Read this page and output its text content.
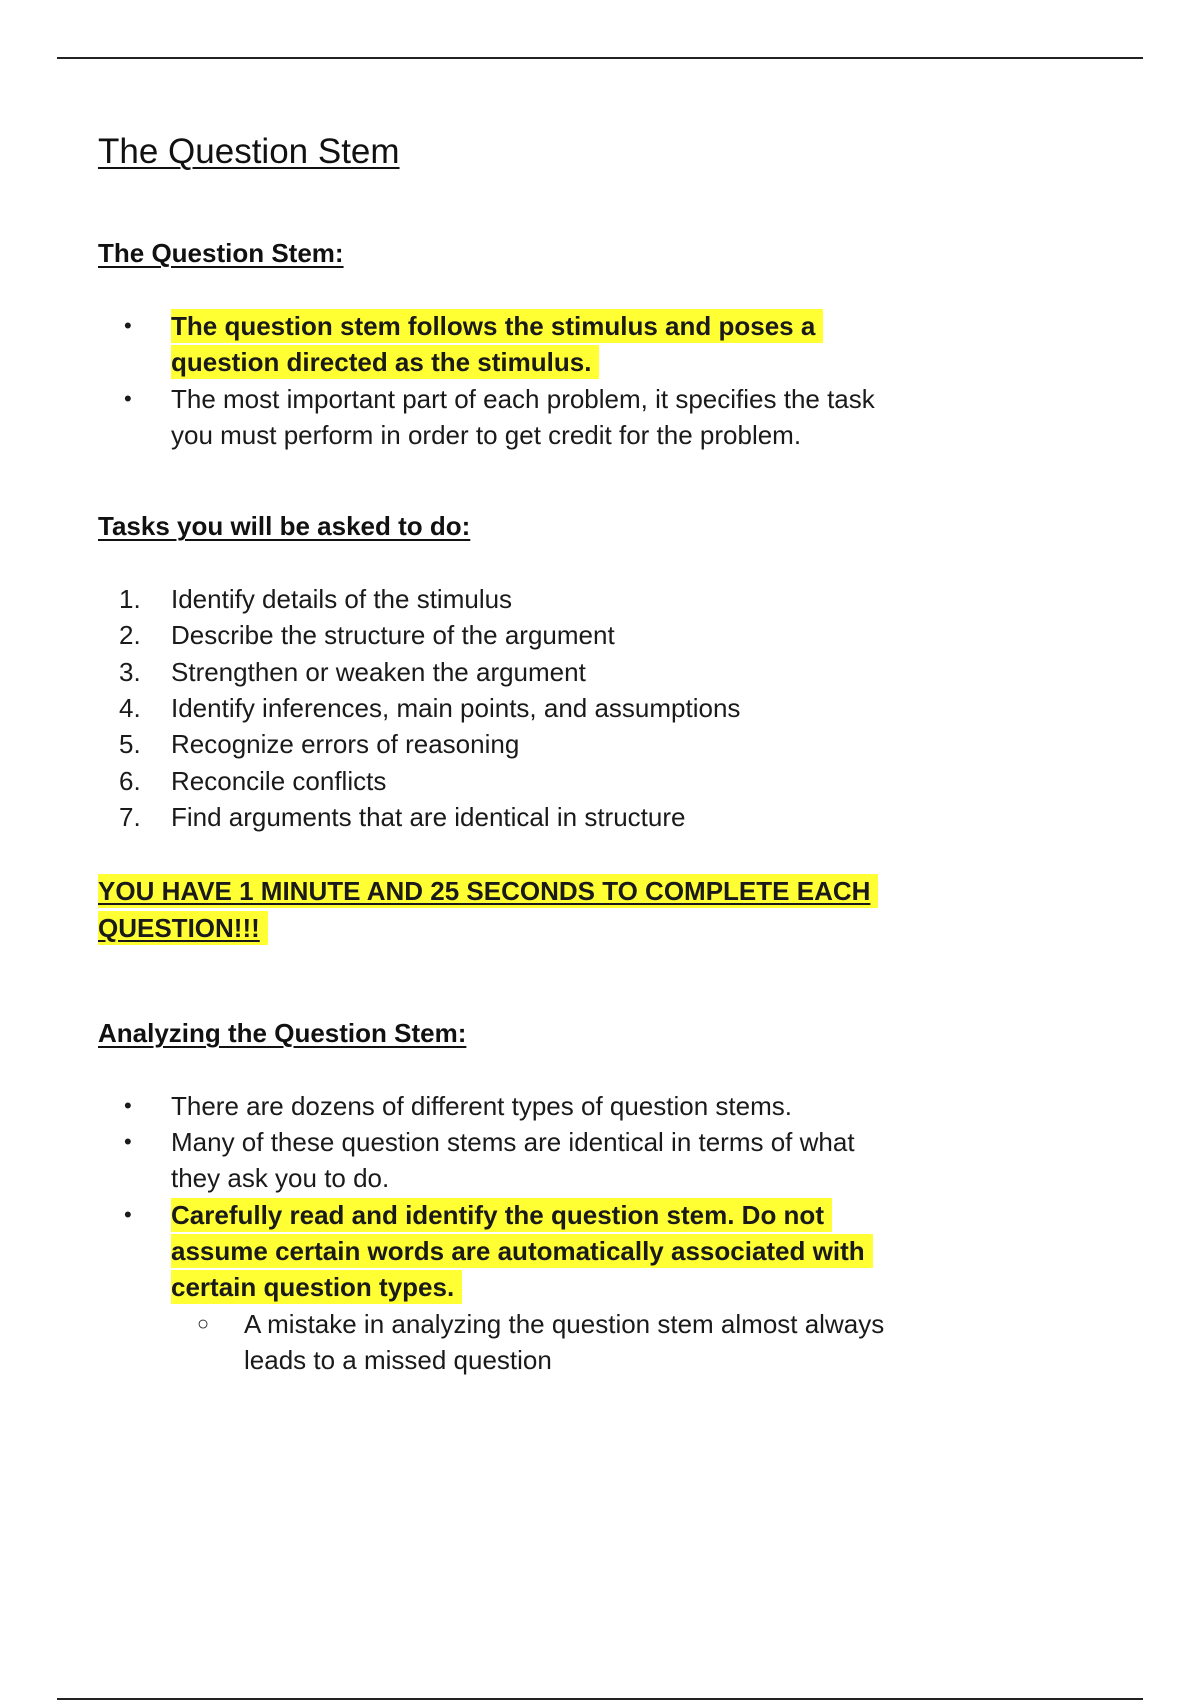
The Question Stem
The Question Stem:
• The question stem follows the stimulus and poses a question directed as the stimulus.
• The most important part of each problem, it specifies the task you must perform in order to get credit for the problem.
Tasks you will be asked to do:
1. Identify details of the stimulus
2. Describe the structure of the argument
3. Strengthen or weaken the argument
4. Identify inferences, main points, and assumptions
5. Recognize errors of reasoning
6. Reconcile conflicts
7. Find arguments that are identical in structure
YOU HAVE 1 MINUTE AND 25 SECONDS TO COMPLETE EACH QUESTION!!!
Analyzing the Question Stem:
• There are dozens of different types of question stems.
• Many of these question stems are identical in terms of what they ask you to do.
• Carefully read and identify the question stem. Do not assume certain words are automatically associated with certain question types.
○ A mistake in analyzing the question stem almost always leads to a missed question
